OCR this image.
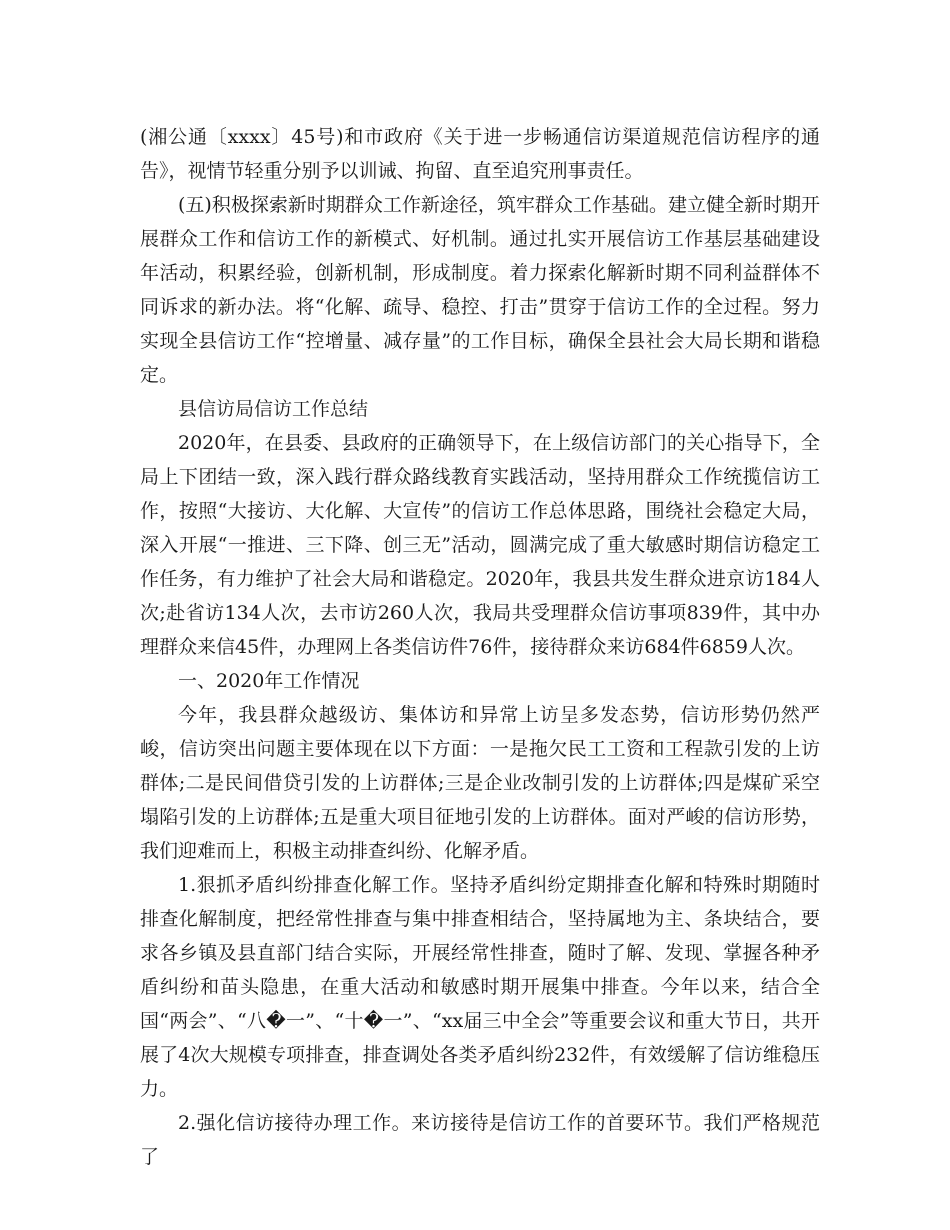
(湘公通〔xxxx〕45号)和市政府《关于进一步畅通信访渠道规范信访程序的通告》，视情节轻重分别予以训诫、拘留、直至追究刑事责任。

(五)积极探索新时期群众工作新途径，筑牢群众工作基础。建立健全新时期开展群众工作和信访工作的新模式、好机制。通过扎实开展信访工作基层基础建设年活动，积累经验，创新机制，形成制度。着力探索化解新时期不同利益群体不同诉求的新办法。将“化解、疏导、稳控、打击”贯穿于信访工作的全过程。努力实现全县信访工作“控增量、减存量”的工作目标，确保全县社会大局长期和谐稳定。

县信访局信访工作总结

2020年，在县委、县政府的正确领导下，在上级信访部门的关心指导下，全局上下团结一致，深入践行群众路线教育实践活动，坚持用群众工作统揽信访工作，按照“大接访、大化解、大宣传”的信访工作总体思路，围绕社会稳定大局，深入开展“一推进、三下降、创三无”活动，圆满完成了重大敏感时期信访稳定工作任务，有力维护了社会大局和谐稳定。2020年，我县共发生群众进京访184人次;赴省访134人次，去市访260人次，我局共受理群众信访事项839件，其中办理群众来信45件，办理网上各类信访件76件，接待群众来访684件6859人次。

一、2020年工作情况

今年，我县群众越级访、集体访和异常上访呈多发态势，信访形势仍然严峻，信访突出问题主要体现在以下方面：一是拖欠民工工资和工程款引发的上访群体;二是民间借贷引发的上访群体;三是企业改制引发的上访群体;四是煤矿采空塌陷引发的上访群体;五是重大项目征地引发的上访群体。面对严峻的信访形势，我们迎难而上，积极主动排查纠纷、化解矛盾。

1.狠抓矛盾纠纷排查化解工作。坚持矛盾纠纷定期排查化解和特殊时期随时排查化解制度，把经常性排查与集中排查相结合，坚持属地为主、条块结合，要求各乡镇及县直部门结合实际，开展经常性排查，随时了解、发现、掌握各种矛盾纠纷和苗头隐患，在重大活动和敏感时期开展集中排查。今年以来，结合全国“两会”、“八�一”、“十�一”、“xx届三中全会”等重要会议和重大节日，共开展了4次大规模专项排查，排查调处各类矛盾纠纷232件，有效缓解了信访维稳压力。

2.强化信访接待办理工作。来访接待是信访工作的首要环节。我们严格规范了
